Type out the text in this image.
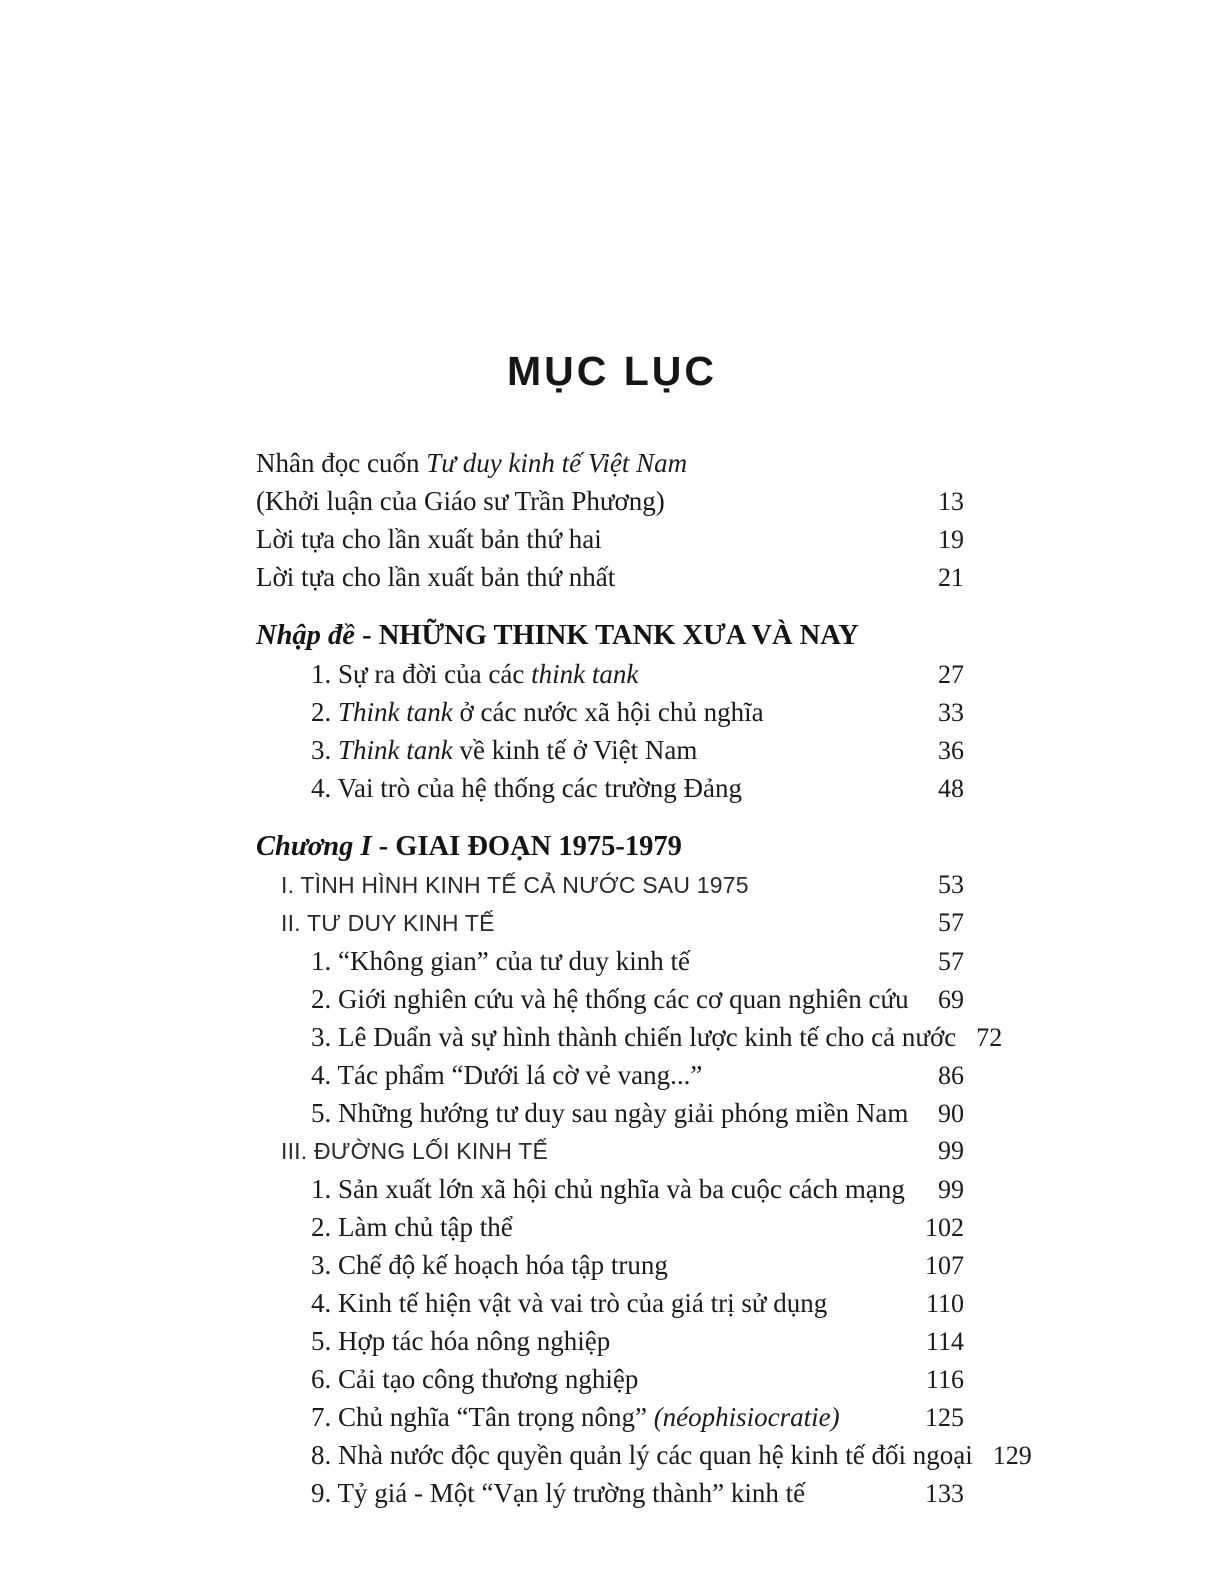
MỤC LỤC
Nhân đọc cuốn Tư duy kinh tế Việt Nam
(Khởi luận của Giáo sư Trần Phương)	13
Lời tựa cho lần xuất bản thứ hai	19
Lời tựa cho lần xuất bản thứ nhất	21
Nhập đề - NHỮNG THINK TANK XƯA VÀ NAY
1. Sự ra đời của các think tank	27
2. Think tank ở các nước xã hội chủ nghĩa	33
3. Think tank về kinh tế ở Việt Nam	36
4. Vai trò của hệ thống các trường Đảng	48
Chương I - GIAI ĐOẠN 1975-1979
I. TÌNH HÌNH KINH TẾ CẢ NƯỚC SAU 1975	53
II. TƯ DUY KINH TẾ	57
1. “Không gian” của tư duy kinh tế	57
2. Giới nghiên cứu và hệ thống các cơ quan nghiên cứu 69
3. Lê Duẩn và sự hình thành chiến lược kinh tế cho cả nước 72
4. Tác phẩm “Dưới lá cờ vẻ vang...”	86
5. Những hướng tư duy sau ngày giải phóng miền Nam 90
III. ĐƯỜNG LỐI KINH TẾ	99
1. Sản xuất lớn xã hội chủ nghĩa và ba cuộc cách mạng 99
2. Làm chủ tập thể	102
3. Chế độ kế hoạch hóa tập trung	107
4. Kinh tế hiện vật và vai trò của giá trị sử dụng	110
5. Hợp tác hóa nông nghiệp	114
6. Cải tạo công thương nghiệp	116
7. Chủ nghĩa “Tân trọng nông” (néophisiocratie)	125
8. Nhà nước độc quyền quản lý các quan hệ kinh tế đối ngoại 129
9. Tỷ giá - Một “Vạn lý trường thành” kinh tế	133
